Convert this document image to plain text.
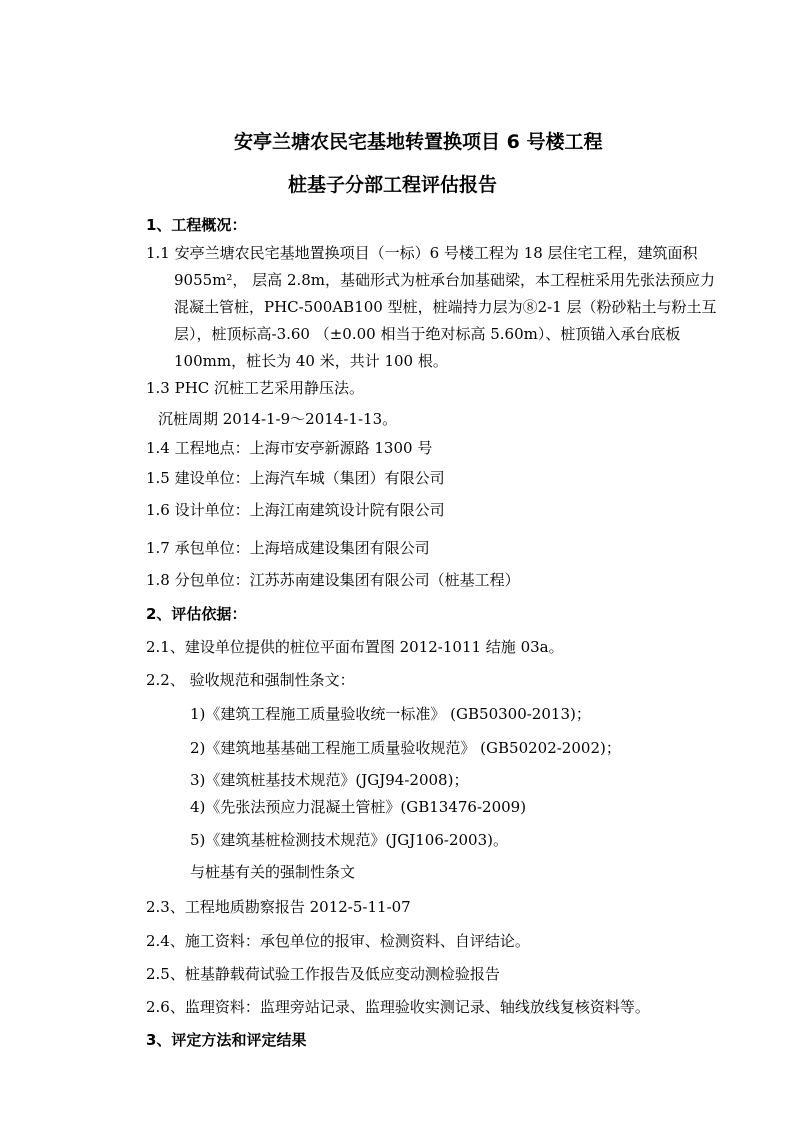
安亭兰塘农民宅基地转置换项目 6 号楼工程
桩基子分部工程评估报告
1、工程概况：
1.1 安亭兰塘农民宅基地置换项目（一标）6 号楼工程为 18 层住宅工程，建筑面积
9055m²， 层高 2.8m，基础形式为桩承台加基础梁，本工程桩采用先张法预应力
混凝土管桩，PHC-500AB100 型桩，桩端持力层为⑧2-1 层（粉砂粘土与粉土互
层），桩顶标高-3.60 （±0.00 相当于绝对标高 5.60m）、桩顶锚入承台底板
100mm，桩长为 40 米，共计 100 根。
1.3 PHC 沉桩工艺采用静压法。
沉桩周期 2014-1-9～2014-1-13。
1.4 工程地点：上海市安亭新源路 1300 号
1.5 建设单位：上海汽车城（集团）有限公司
1.6 设计单位：上海江南建筑设计院有限公司
1.7 承包单位：上海培成建设集团有限公司
1.8 分包单位：江苏苏南建设集团有限公司（桩基工程）
2、评估依据：
2.1、建设单位提供的桩位平面布置图 2012-1011 结施 03a。
2.2、 验收规范和强制性条文：
1)《建筑工程施工质量验收统一标准》 (GB50300-2013)；
2)《建筑地基基础工程施工质量验收规范》 (GB50202-2002)；
3)《建筑桩基技术规范》(JGJ94-2008)；
4)《先张法预应力混凝土管桩》(GB13476-2009)
5)《建筑基桩检测技术规范》(JGJ106-2003)。
与桩基有关的强制性条文
2.3、工程地质勘察报告 2012-5-11-07
2.4、施工资料：承包单位的报审、检测资料、自评结论。
2.5、桩基静载荷试验工作报告及低应变动测检验报告
2.6、监理资料：监理旁站记录、监理验收实测记录、轴线放线复核资料等。
3、评定方法和评定结果
